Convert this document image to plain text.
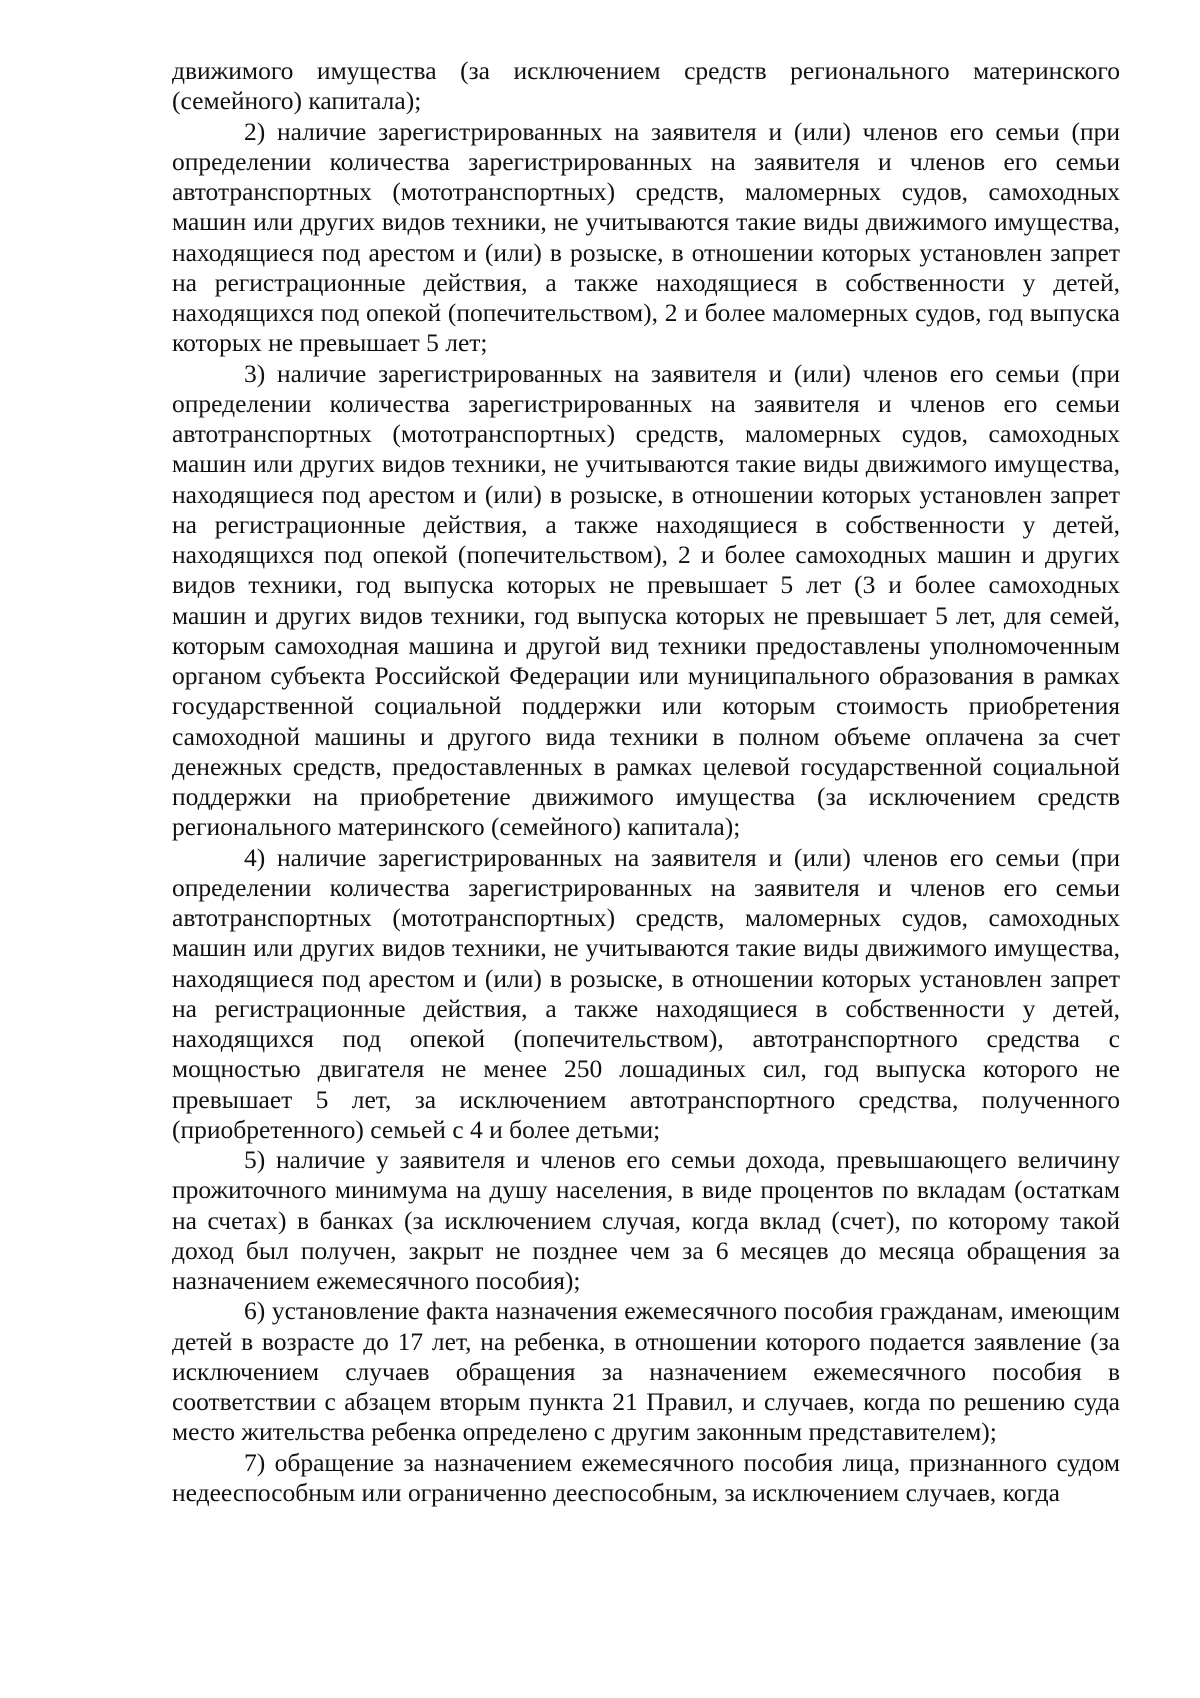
движимого имущества (за исключением средств регионального материнского (семейного) капитала);

2) наличие зарегистрированных на заявителя и (или) членов его семьи (при определении количества зарегистрированных на заявителя и членов его семьи автотранспортных (мототранспортных) средств, маломерных судов, самоходных машин или других видов техники, не учитываются такие виды движимого имущества, находящиеся под арестом и (или) в розыске, в отношении которых установлен запрет на регистрационные действия, а также находящиеся в собственности у детей, находящихся под опекой (попечительством), 2 и более маломерных судов, год выпуска которых не превышает 5 лет;

3) наличие зарегистрированных на заявителя и (или) членов его семьи (при определении количества зарегистрированных на заявителя и членов его семьи автотранспортных (мототранспортных) средств, маломерных судов, самоходных машин или других видов техники, не учитываются такие виды движимого имущества, находящиеся под арестом и (или) в розыске, в отношении которых установлен запрет на регистрационные действия, а также находящиеся в собственности у детей, находящихся под опекой (попечительством), 2 и более самоходных машин и других видов техники, год выпуска которых не превышает 5 лет (3 и более самоходных машин и других видов техники, год выпуска которых не превышает 5 лет, для семей, которым самоходная машина и другой вид техники предоставлены уполномоченным органом субъекта Российской Федерации или муниципального образования в рамках государственной социальной поддержки или которым стоимость приобретения самоходной машины и другого вида техники в полном объеме оплачена за счет денежных средств, предоставленных в рамках целевой государственной социальной поддержки на приобретение движимого имущества (за исключением средств регионального материнского (семейного) капитала);

4) наличие зарегистрированных на заявителя и (или) членов его семьи (при определении количества зарегистрированных на заявителя и членов его семьи автотранспортных (мототранспортных) средств, маломерных судов, самоходных машин или других видов техники, не учитываются такие виды движимого имущества, находящиеся под арестом и (или) в розыске, в отношении которых установлен запрет на регистрационные действия, а также находящиеся в собственности у детей, находящихся под опекой (попечительством), автотранспортного средства с мощностью двигателя не менее 250 лошадиных сил, год выпуска которого не превышает 5 лет, за исключением автотранспортного средства, полученного (приобретенного) семьей с 4 и более детьми;

5) наличие у заявителя и членов его семьи дохода, превышающего величину прожиточного минимума на душу населения, в виде процентов по вкладам (остаткам на счетах) в банках (за исключением случая, когда вклад (счет), по которому такой доход был получен, закрыт не позднее чем за 6 месяцев до месяца обращения за назначением ежемесячного пособия);

6) установление факта назначения ежемесячного пособия гражданам, имеющим детей в возрасте до 17 лет, на ребенка, в отношении которого подается заявление (за исключением случаев обращения за назначением ежемесячного пособия в соответствии с абзацем вторым пункта 21 Правил, и случаев, когда по решению суда место жительства ребенка определено с другим законным представителем);

7) обращение за назначением ежемесячного пособия лица, признанного судом недееспособным или ограниченно дееспособным, за исключением случаев, когда
